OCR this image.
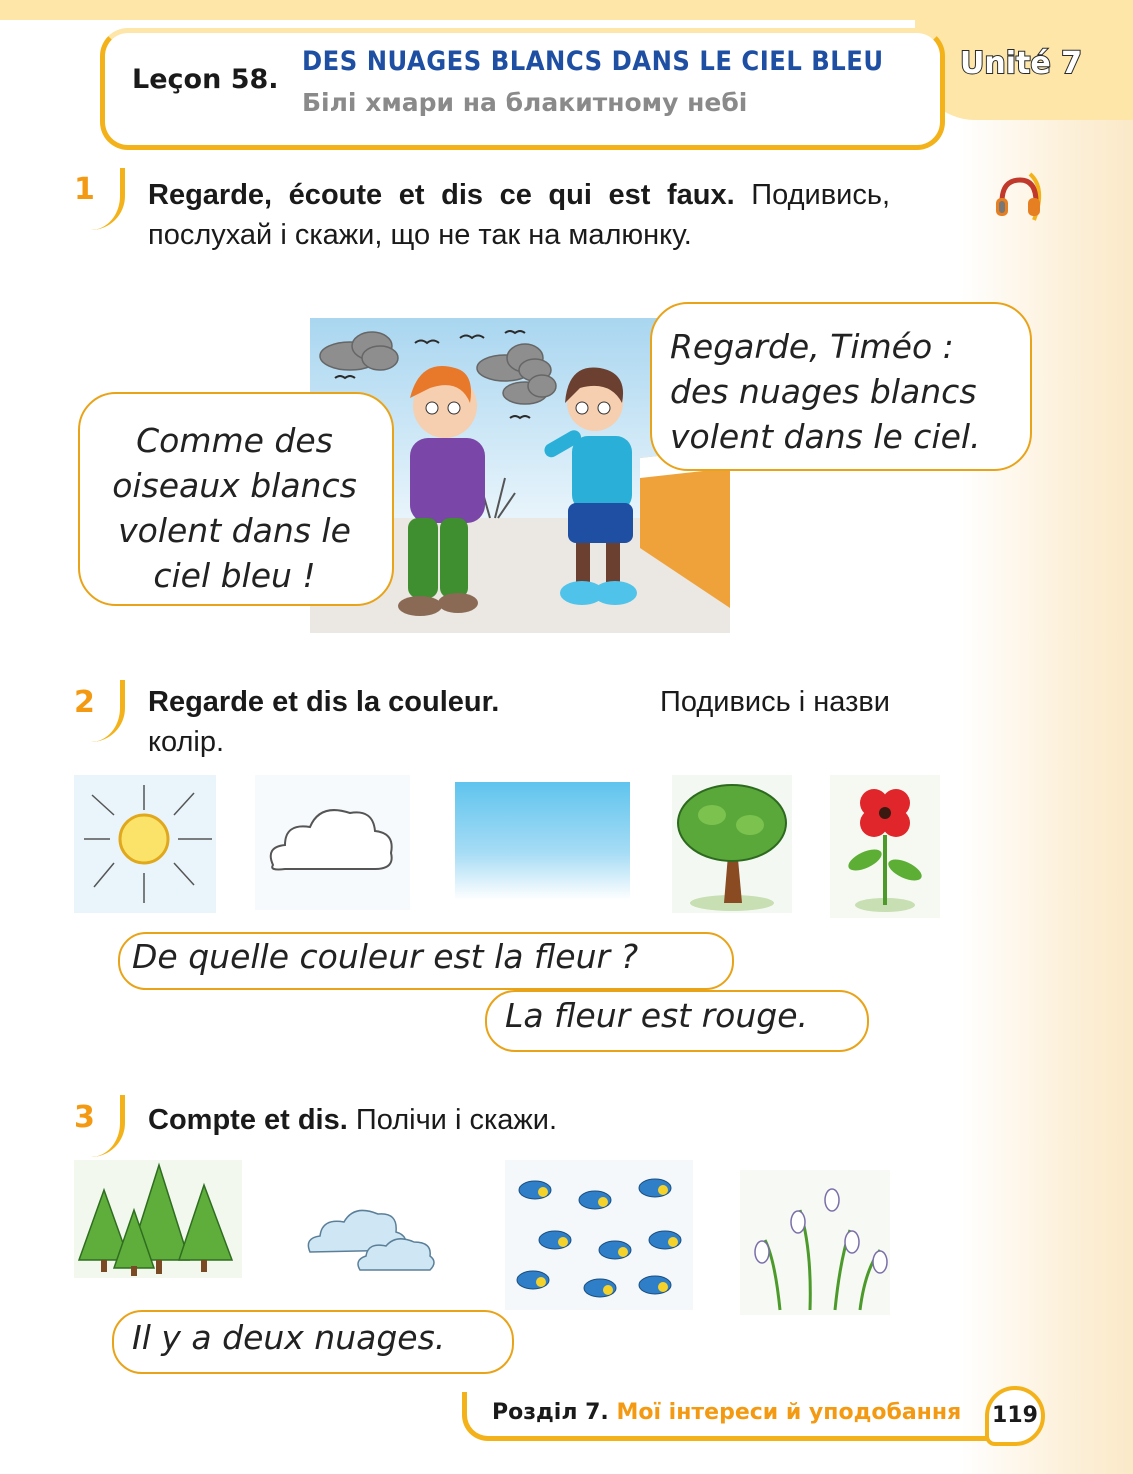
Leçon 58.
DES NUAGES BLANCS DANS LE CIEL BLEU
Білі хмари на блакитному небі
Unité 7
1 Regarde, écoute et dis ce qui est faux. Подивись, послухай і скажи, що не так на малюнку.
Comme des
oiseaux blancs
volent dans le
ciel bleu !
Regarde, Timéo :
des nuages blancs
volent dans le ciel.
2 Regarde et dis la couleur.	Подивись і назви
колір.
De quelle couleur est la fleur ?
La fleur est rouge.
3 Compte et dis. Полічи і скажи.
Il y a deux nuages.
Розділ 7. Мої інтереси й уподобання	119
